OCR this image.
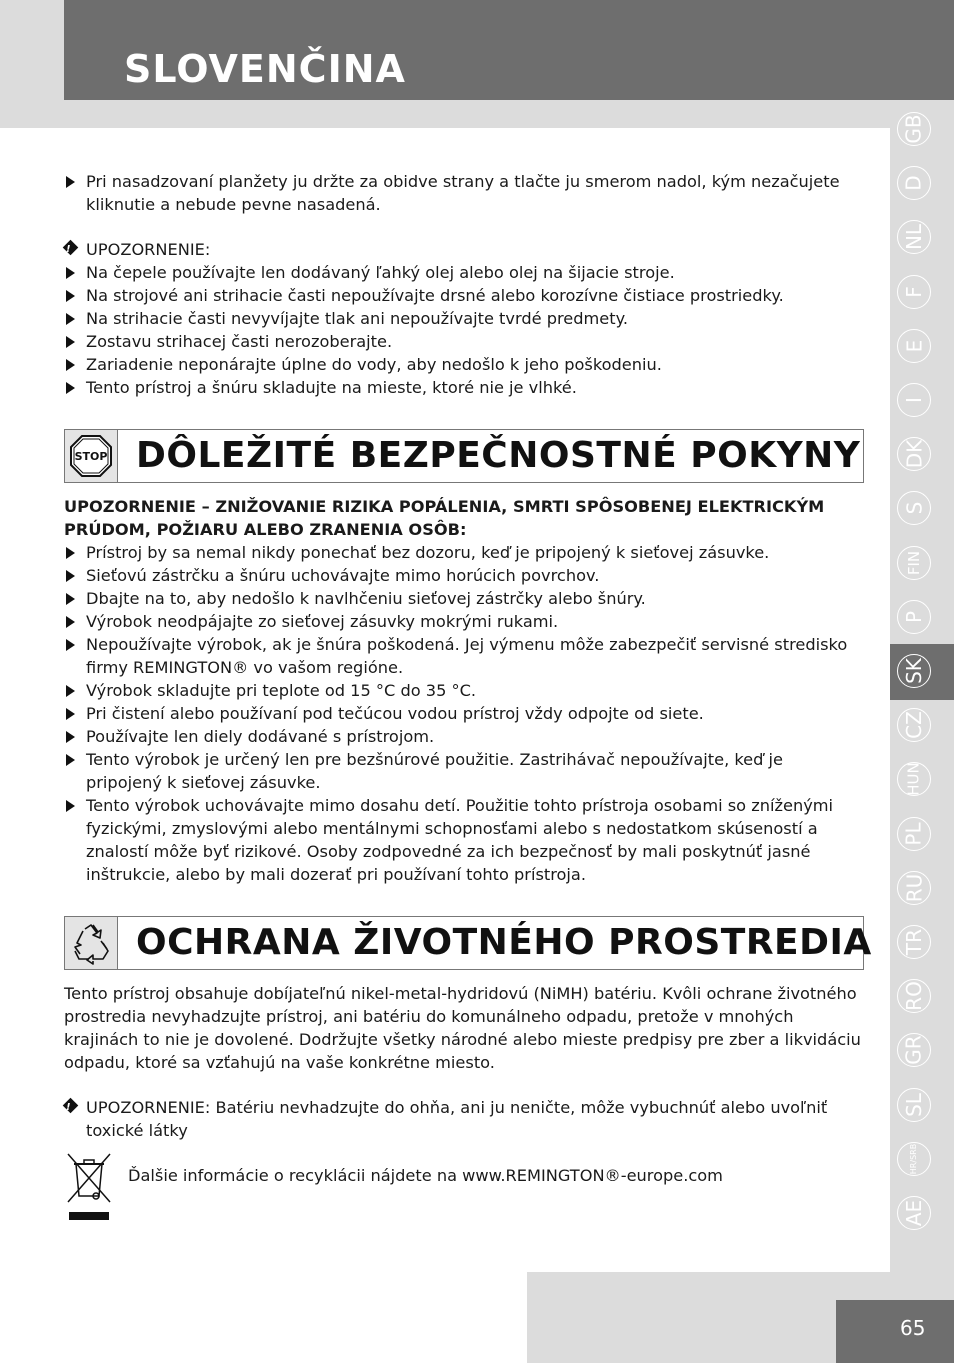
SLOVENČINA
Pri nasadzovaní planžety ju držte za obidve strany a tlačte ju smerom nadol, kým nezačujete kliknutie a nebude pevne nasadená.
!
UPOZORNENIE:
Na čepele používajte len dodávaný ľahký olej alebo olej na šijacie stroje.
Na strojové ani strihacie časti nepoužívajte drsné alebo korozívne čistiace prostriedky.
Na strihacie časti nevyvíjajte tlak ani nepoužívajte tvrdé predmety.
Zostavu strihacej časti nerozoberajte.
Zariadenie neponárajte úplne do vody, aby nedošlo k jeho poškodeniu.
Tento prístroj a šnúru skladujte na mieste, ktoré nie je vlhké.
STOP DÔLEŽITÉ BEZPEČNOSTNÉ POKYNY
UPOZORNENIE – ZNIŽOVANIE RIZIKA POPÁLENIA, SMRTI SPÔSOBENEJ ELEKTRICKÝM PRÚDOM, POŽIARU ALEBO ZRANENIA OSÔB:
Prístroj by sa nemal nikdy ponechať bez dozoru, keď je pripojený k sieťovej zásuvke.
Sieťovú zástrčku a šnúru uchovávajte mimo horúcich povrchov.
Dbajte na to, aby nedošlo k navlhčeniu sieťovej zástrčky alebo šnúry.
Výrobok neodpájajte zo sieťovej zásuvky mokrými rukami.
Nepoužívajte výrobok, ak je šnúra poškodená. Jej výmenu môže zabezpečiť servisné stredisko firmy REMINGTON® vo vašom regióne.
Výrobok skladujte pri teplote od 15 °C do 35 °C.
Pri čistení alebo používaní pod tečúcou vodou prístroj vždy odpojte od siete.
Používajte len diely dodávané s prístrojom.
Tento výrobok je určený len pre bezšnúrové použitie. Zastrihávač nepoužívajte, keď je pripojený k sieťovej zásuvke.
Tento výrobok uchovávajte mimo dosahu detí. Použitie tohto prístroja osobami so zníženými fyzickými, zmyslovými alebo mentálnymi schopnosťami alebo s nedostatkom skúseností a znalostí môže byť rizikové. Osoby zodpovedné za ich bezpečnosť by mali poskytnúť jasné inštrukcie, alebo by mali dozerať pri používaní tohto prístroja.
OCHRANA ŽIVOTNÉHO PROSTREDIA

Tento prístroj obsahuje dobíjateľnú nikel-metal-hydridovú (NiMH) batériu. Kvôli ochrane životného prostredia nevyhadzujte prístroj, ani batériu do komunálneho odpadu, pretože v mnohých krajinách to nie je dovolené. Dodržujte všetky národné alebo mieste predpisy pre zber a likvidáciu odpadu, ktoré sa vzťahujú na vaše konkrétne miesto.

!
UPOZORNENIE: Batériu nevhadzujte do ohňa, ani ju neničte, môže vybuchnúť alebo uvoľniť toxické látky
Ďalšie informácie o recyklácii nájdete na www.REMINGTON®-europe.com
GB
D
NL
F
E
I
DK
S
FIN
P
SK
CZ
HUN
PL
RU
TR
RO
GR
SL
HR/SRB
AE
65
